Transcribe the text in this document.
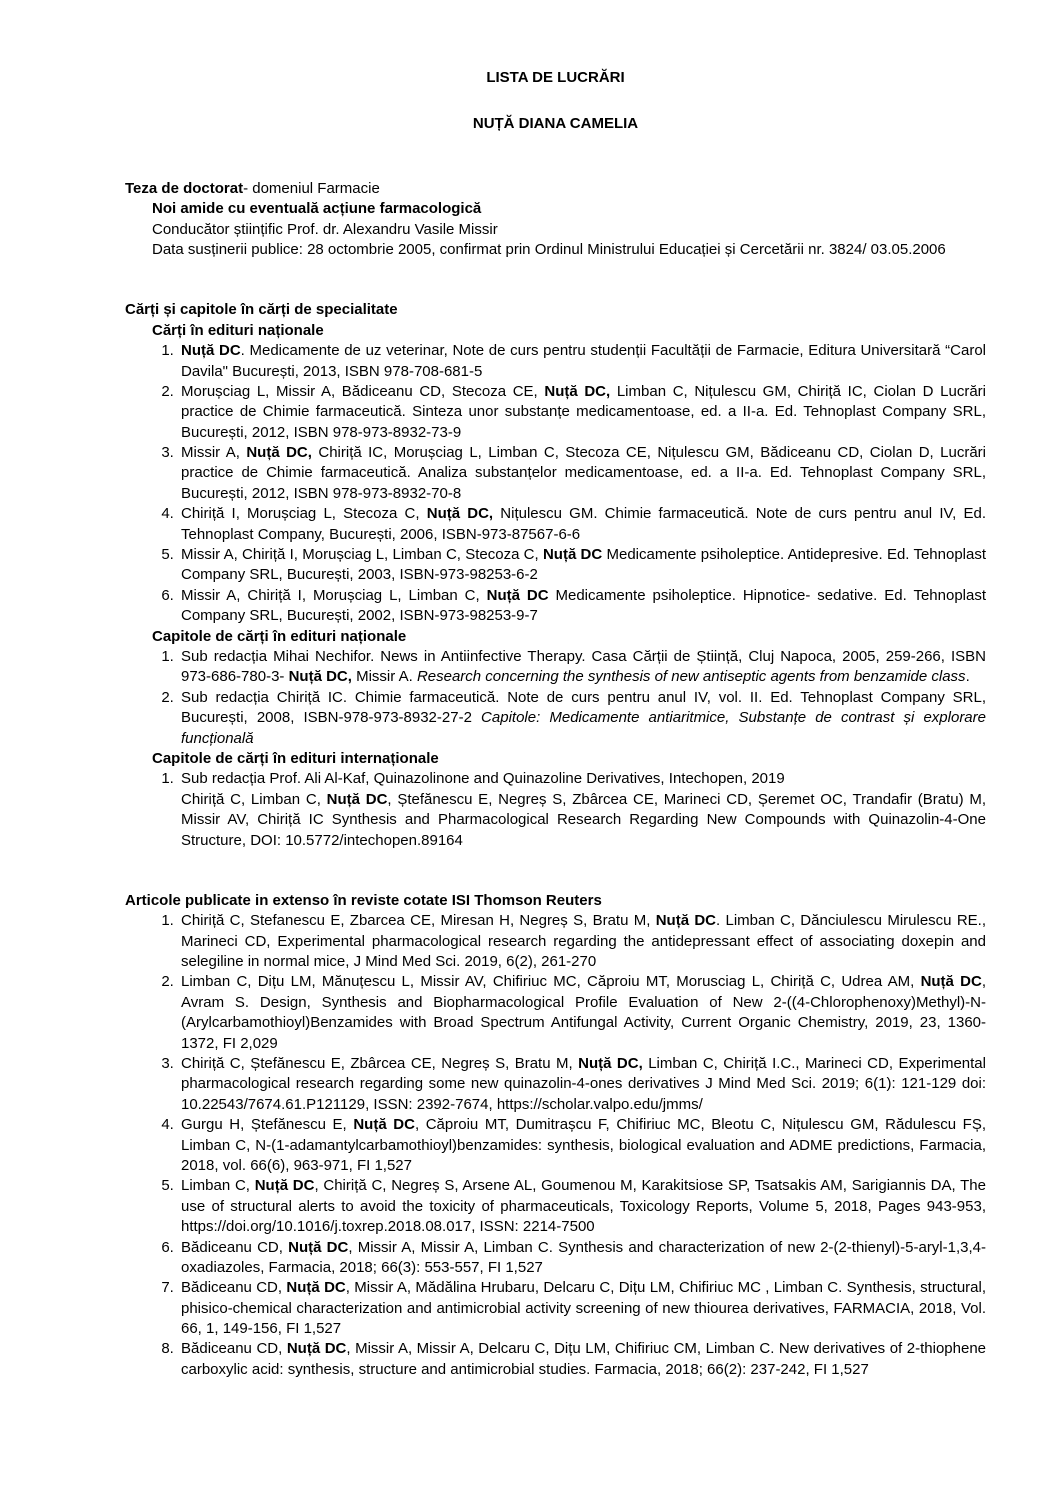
LISTA DE LUCRĂRI

NUȚĂ DIANA CAMELIA

Teza de doctorat- domeniul Farmacie

Noi amide cu eventuală acțiune farmacologică

Conducător științific Prof. dr. Alexandru Vasile Missir

Data susținerii publice: 28 octombrie 2005, confirmat prin Ordinul Ministrului Educației și Cercetării nr. 3824/ 03.05.2006

Cărți și capitole în cărți de specialitate

Cărți în edituri naționale

1. Nuță DC. Medicamente de uz veterinar, Note de curs pentru studenții Facultății de Farmacie, Editura Universitară “Carol Davila" București, 2013, ISBN 978-708-681-5
2. Morușciag L, Missir A, Bădiceanu CD, Stecoza CE, Nuță DC, Limban C, Nițulescu GM, Chiriță IC, Ciolan D Lucrări practice de Chimie farmaceutică. Sinteza unor substanțe medicamentoase, ed. a II-a. Ed. Tehnoplast Company SRL, București, 2012, ISBN 978-973-8932-73-9
3. Missir A, Nuță DC, Chiriță IC, Morușciag L, Limban C, Stecoza CE, Nițulescu GM, Bădiceanu CD, Ciolan D, Lucrări practice de Chimie farmaceutică. Analiza substanțelor medicamentoase, ed. a II-a. Ed. Tehnoplast Company SRL, București, 2012, ISBN 978-973-8932-70-8
4. Chiriță I, Morușciag L, Stecoza C, Nuță DC, Nițulescu GM. Chimie farmaceutică. Note de curs pentru anul IV, Ed. Tehnoplast Company, București, 2006, ISBN-973-87567-6-6
5. Missir A, Chiriță I, Morușciag L, Limban C, Stecoza C, Nuță DC Medicamente psiholeptice. Antidepresive. Ed. Tehnoplast Company SRL, București, 2003, ISBN-973-98253-6-2
6. Missir A, Chiriță I, Morușciag L, Limban C, Nuță DC Medicamente psiholeptice. Hipnotice- sedative. Ed. Tehnoplast Company SRL, București, 2002, ISBN-973-98253-9-7

Capitole de cărți în edituri naționale

1. Sub redacția Mihai Nechifor. News in Antiinfective Therapy. Casa Cărții de Știință, Cluj Napoca, 2005, 259-266, ISBN 973-686-780-3- Nuță DC, Missir A. Research concerning the synthesis of new antiseptic agents from benzamide class.
2. Sub redacția Chiriță IC. Chimie farmaceutică. Note de curs pentru anul IV, vol. II. Ed. Tehnoplast Company SRL, București, 2008, ISBN-978-973-8932-27-2 Capitole: Medicamente antiaritmice, Substanțe de contrast și explorare funcțională

Capitole de cărți în edituri internaționale

1. Sub redacția Prof. Ali Al-Kaf, Quinazolinone and Quinazoline Derivatives, Intechopen, 2019
Chiriță C, Limban C, Nuță DC, Ștefănescu E, Negreș S, Zbârcea CE, Marineci CD, Șeremet OC, Trandafir (Bratu) M, Missir AV, Chiriță IC Synthesis and Pharmacological Research Regarding New Compounds with Quinazolin-4-One Structure, DOI: 10.5772/intechopen.89164

Articole publicate in extenso în reviste cotate ISI Thomson Reuters

1. Chiriță C, Stefanescu E, Zbarcea CE, Miresan H, Negreș S, Bratu M, Nuță DC. Limban C, Dănciulescu Mirulescu RE., Marineci CD, Experimental pharmacological research regarding the antidepressant effect of associating doxepin and selegiline in normal mice, J Mind Med Sci. 2019, 6(2), 261-270
2. Limban C, Dițu LM, Mănuțescu L, Missir AV, Chifiriuc MC, Căproiu MT, Morusciag L, Chiriță C, Udrea AM, Nuță DC, Avram S. Design, Synthesis and Biopharmacological Profile Evaluation of New 2-((4-Chlorophenoxy)Methyl)-N-(Arylcarbamothioyl)Benzamides with Broad Spectrum Antifungal Activity, Current Organic Chemistry, 2019, 23, 1360-1372, FI 2,029
3. Chiriță C, Ștefănescu E, Zbârcea CE, Negreș S, Bratu M, Nuță DC, Limban C, Chiriță I.C., Marineci CD, Experimental pharmacological research regarding some new quinazolin-4-ones derivatives J Mind Med Sci. 2019; 6(1): 121-129 doi: 10.22543/7674.61.P121129, ISSN: 2392-7674, https://scholar.valpo.edu/jmms/
4. Gurgu H, Ștefănescu E, Nuță DC, Căproiu MT, Dumitrașcu F, Chifiriuc MC, Bleotu C, Nițulescu GM, Rădulescu FȘ, Limban C, N-(1-adamantylcarbamothioyl)benzamides: synthesis, biological evaluation and ADME predictions, Farmacia, 2018, vol. 66(6), 963-971, FI 1,527
5. Limban C, Nuță DC, Chiriță C, Negreș S, Arsene AL, Goumenou M, Karakitsiose SP, Tsatsakis AM, Sarigiannis DA, The use of structural alerts to avoid the toxicity of pharmaceuticals, Toxicology Reports, Volume 5, 2018, Pages 943-953, https://doi.org/10.1016/j.toxrep.2018.08.017, ISSN: 2214-7500
6. Bădiceanu CD, Nuță DC, Missir A, Missir A, Limban C. Synthesis and characterization of new 2-(2-thienyl)-5-aryl-1,3,4-oxadiazoles, Farmacia, 2018; 66(3): 553-557, FI 1,527
7. Bădiceanu CD, Nuță DC, Missir A, Mădălina Hrubaru, Delcaru C, Dițu LM, Chifiriuc MC , Limban C. Synthesis, structural, phisico-chemical characterization and antimicrobial activity screening of new thiourea derivatives, FARMACIA, 2018, Vol. 66, 1, 149-156, FI 1,527
8. Bădiceanu CD, Nuță DC, Missir A, Missir A, Delcaru C, Dițu LM, Chifiriuc CM, Limban C. New derivatives of 2-thiophene carboxylic acid: synthesis, structure and antimicrobial studies. Farmacia, 2018; 66(2): 237-242, FI 1,527
